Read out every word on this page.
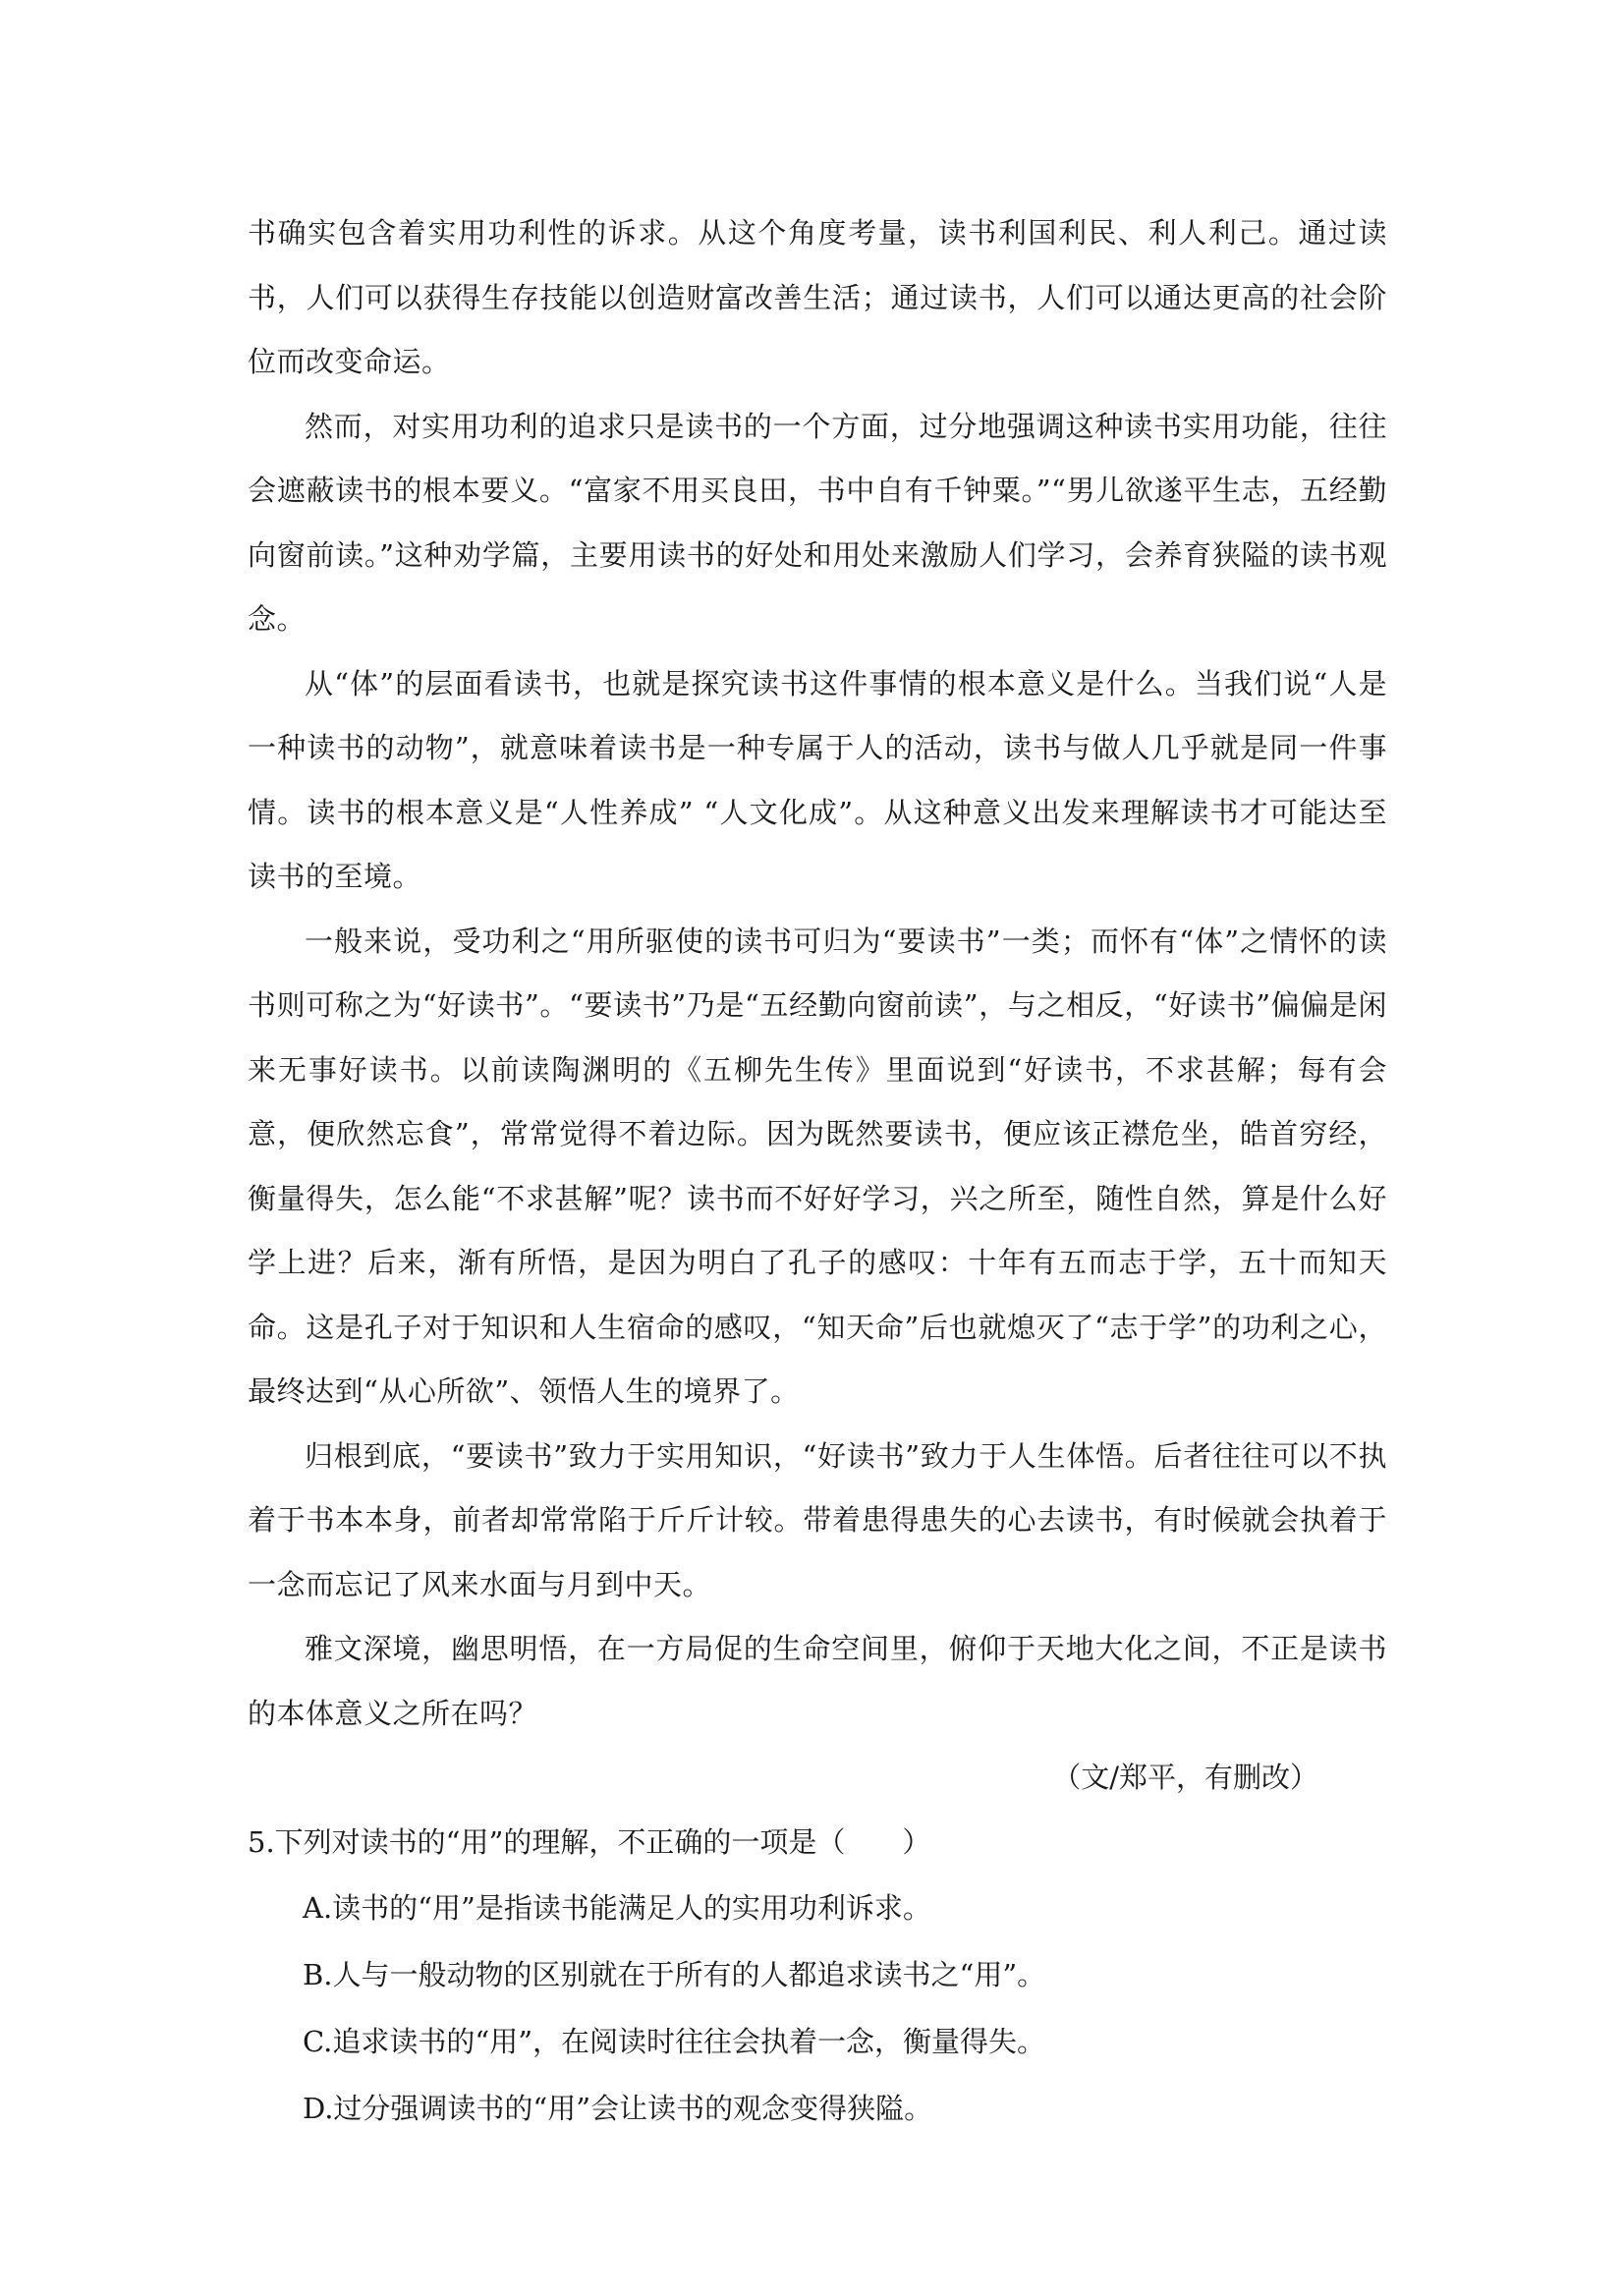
书确实包含着实用功利性的诉求。从这个角度考量，读书利国利民、利人利己。通过读书，人们可以获得生存技能以创造财富改善生活；通过读书，人们可以通达更高的社会阶位而改变命运。

然而，对实用功利的追求只是读书的一个方面，过分地强调这种读书实用功能，往往会遮蔽读书的根本要义。“富家不用买良田，书中自有千钟粟。”“男儿欲遂平生志，五经勤向窗前读。”这种劝学篇，主要用读书的好处和用处来激励人们学习，会养育狭隘的读书观念。

从“体”的层面看读书，也就是探究读书这件事情的根本意义是什么。当我们说“人是一种读书的动物”，就意味着读书是一种专属于人的活动，读书与做人几乎就是同一件事情。读书的根本意义是“人性养成” “人文化成”。从这种意义出发来理解读书才可能达至读书的至境。

一般来说，受功利之“用所驱使的读书可归为“要读书”一类；而怀有“体”之情怀的读书则可称之为“好读书”。“要读书”乃是“五经勤向窗前读”，与之相反，“好读书”偏偏是闲来无事好读书。以前读陶渊明的《五柳先生传》里面说到“好读书，不求甚解；每有会意，便欣然忘食”，常常觉得不着边际。因为既然要读书，便应该正襟危坐，皓首穷经，衡量得失，怎么能“不求甚解”呢？读书而不好好学习，兴之所至，随性自然，算是什么好学上进？后来，渐有所悟，是因为明白了孔子的感叹：十年有五而志于学，五十而知天命。这是孔子对于知识和人生宿命的感叹，“知天命”后也就熄灭了“志于学”的功利之心，最终达到“从心所欲”、领悟人生的境界了。

归根到底，“要读书”致力于实用知识，“好读书”致力于人生体悟。后者往往可以不执着于书本本身，前者却常常陷于斤斤计较。带着患得患失的心去读书，有时候就会执着于一念而忘记了风来水面与月到中天。

雅文深境，幽思明悟，在一方局促的生命空间里，俯仰于天地大化之间，不正是读书的本体意义之所在吗？

（文/郑平，有删改）

5.下列对读书的“用”的理解，不正确的一项是（　　）

A.读书的“用”是指读书能满足人的实用功利诉求。
B.人与一般动物的区别就在于所有的人都追求读书之“用”。
C.追求读书的“用”，在阅读时往往会执着一念，衡量得失。
D.过分强调读书的“用”会让读书的观念变得狭隘。
